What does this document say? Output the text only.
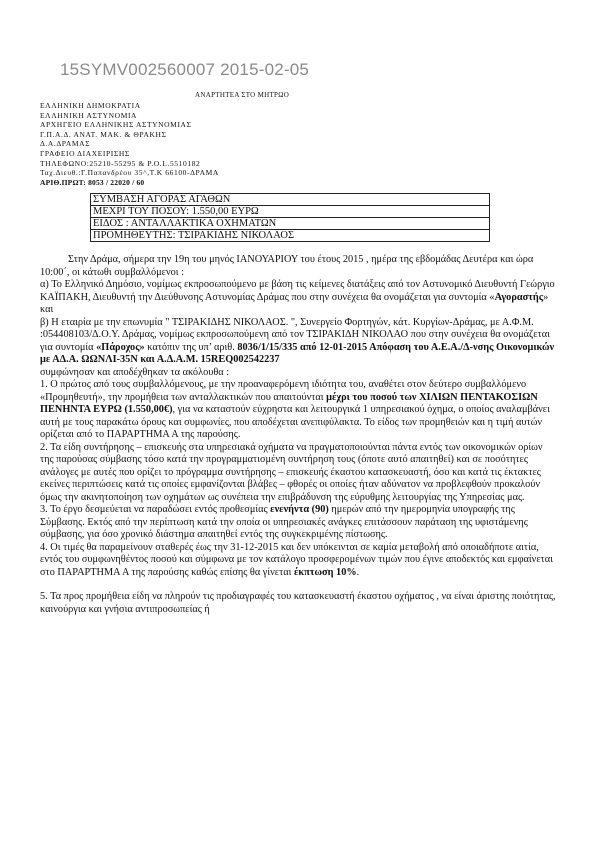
15SYMV002560007 2015-02-05
ΑΝΑΡΤΗΤΕΑ ΣΤΟ ΜΗΤΡΩΟ
ΕΛΛΗΝΙΚΗ ΔΗΜΟΚΡΑΤΙΑ
ΕΛΛΗΝΙΚΗ ΑΣΤΥΝΟΜΙΑ
ΑΡΧΗΓΕΙΟ ΕΛΛΗΝΙΚΗΣ ΑΣΤΥΝΟΜΙΑΣ
Γ.Π.Α.Δ. ΑΝΑΤ. ΜΑΚ. & ΘΡΑΚΗΣ
Δ.Α.ΔΡΑΜΑΣ
ΓΡΑΦΕΙΟ ΔΙΑΧΕΙΡΙΣΗΣ
ΤΗΛΕΦΩΝΟ:25210-55295 & Ρ.Ο.L.5510182
Ταχ.Διευθ.:Γ.Παπανδρέου 35^,Τ.Κ 66100-ΔΡΑΜΑ
ΑΡΙΘ.ΠΡΩΤ: 8053 / 22020 / 60
ΣΥΜΒΑΣΗ ΑΓΟΡΑΣ ΑΓΑΘΩΝ
ΜΕΧΡΙ ΤΟΥ ΠΟΣΟΥ: 1.550,00 ΕΥΡΩ
ΕΙΔΟΣ : ΑΝΤΑΛΛΑΚΤΙΚΑ ΟΧΗΜΑΤΩΝ
ΠΡΟΜΗΘΕΥΤΗΣ: ΤΣΙΡΑΚΙΔΗΣ ΝΙΚΟΛΑΟΣ

Στην Δράμα, σήμερα την 19η του μηνός ΙΑΝΟΥΑΡΙΟΥ του έτους 2015 , ημέρα της εβδομάδας Δευτέρα και ώρα 10:00΄, οι κάτωθι συμβαλλόμενοι :

α) Το Ελληνικό Δημόσιο, νομίμως εκπροσωπούμενο με βάση τις κείμενες διατάξεις από τον Αστυνομικό Διευθυντή Γεώργιο ΚΑΪΠΑΚΗ, Διευθυντή την Διεύθυνσης Αστυνομίας Δράμας που στην συνέχεια θα ονομάζεται για συντομία «Αγοραστής» και

β) Η εταιρία με την επωνυμία " ΤΣΙΡΑΚΙΔΗΣ ΝΙΚΟΛΑΟΣ. ", Συνεργείο Φορτηγών, κάτ. Κυργίων-Δράμας, με Α.Φ.Μ. :054408103/Δ.Ο.Υ. Δράμας, νομίμως εκπροσωπούμενη από τον ΤΣΙΡΑΚΙΔΗ ΝΙΚΟΛΑΟ που στην συνέχεια θα ονομάζεται για συντομία «Πάροχος» κατόπιν της υπ’ αριθ. 8036/1/15/335 από 12-01-2015 Απόφαση του Α.Ε.Α./Δ-νσης Οικονομικών με ΑΔ.Α. ΩΩΝΛΙ-35Ν και Α.Δ.Α.Μ. 15REQ002542237

συμφώνησαν και αποδέχθηκαν τα ακόλουθα :

1. Ο πρώτος από τους συμβαλλόμενους, με την προαναφερόμενη ιδιότητα του, αναθέτει στον δεύτερο συμβαλλόμενο «Προμηθευτή», την προμήθεια των ανταλλακτικών που απαιτούνται μέχρι του ποσού των ΧΙΛΙΩΝ ΠΕΝΤΑΚΟΣΙΩΝ ΠΕΝΗΝΤΑ ΕΥΡΩ (1.550,00€), για να καταστούν εύχρηστα και λειτουργικά 1 υπηρεσιακού όχημα, ο οποίος αναλαμβάνει αυτή με τους παρακάτω όρους και συμφωνίες, που αποδέχεται ανεπιφύλακτα. Το είδος των προμηθειών και η τιμή αυτών ορίζεται από το ΠΑΡΑΡΤΗΜΑ Α της παρούσης.

2. Τα είδη συντήρησης – επισκευής στα υπηρεσιακά οχήματα να πραγματοποιούνται πάντα εντός των οικονομικών ορίων της παρούσας σύμβασης τόσο κατά την προγραμματισμένη συντήρηση τους (όποτε αυτό απαιτηθεί) και σε ποσότητες ανάλογες με αυτές που ορίζει το πρόγραμμα συντήρησης – επισκευής έκαστου κατασκευαστή, όσο και κατά τις έκτακτες εκείνες περιπτώσεις κατά τις οποίες εμφανίζονται βλάβες – φθορές οι οποίες ήταν αδύνατον να προβλεφθούν προκαλούν όμως την ακινητοποίηση των οχημάτων ως συνέπεια την επιβράδυνση της εύρυθμης λειτουργίας της Υπηρεσίας μας.

3. Το έργο δεσμεύεται να παραδώσει εντός προθεσμίας ενενήντα (90) ημερών από την ημερομηνία υπογραφής της Σύμβασης. Εκτός από την περίπτωση κατά την οποία οι υπηρεσιακές ανάγκες επιτάσσουν παράταση της υφιστάμενης σύμβασης, για όσο χρονικό διάστημα απαιτηθεί εντός της συγκεκριμένης πίστωσης.

4. Οι τιμές θα παραμείνουν σταθερές έως την 31-12-2015 και δεν υπόκεινται σε καμία μεταβολή από οποιαδήποτε αιτία, εντός του συμφωνηθέντος ποσού και σύμφωνα με τον κατάλογο προσφερομένων τιμών που έγινε αποδεκτός και εμφαίνεται στο ΠΑΡΑΡΤΗΜΑ Α της παρούσης καθώς επίσης θα γίνεται έκπτωση 10%.

5. Τα προς προμήθεια είδη να πληρούν τις προδιαγραφές του κατασκευαστή έκαστου οχήματος , να είναι άριστης ποιότητας, καινούργια και γνήσια αντιπροσωπείας ή
